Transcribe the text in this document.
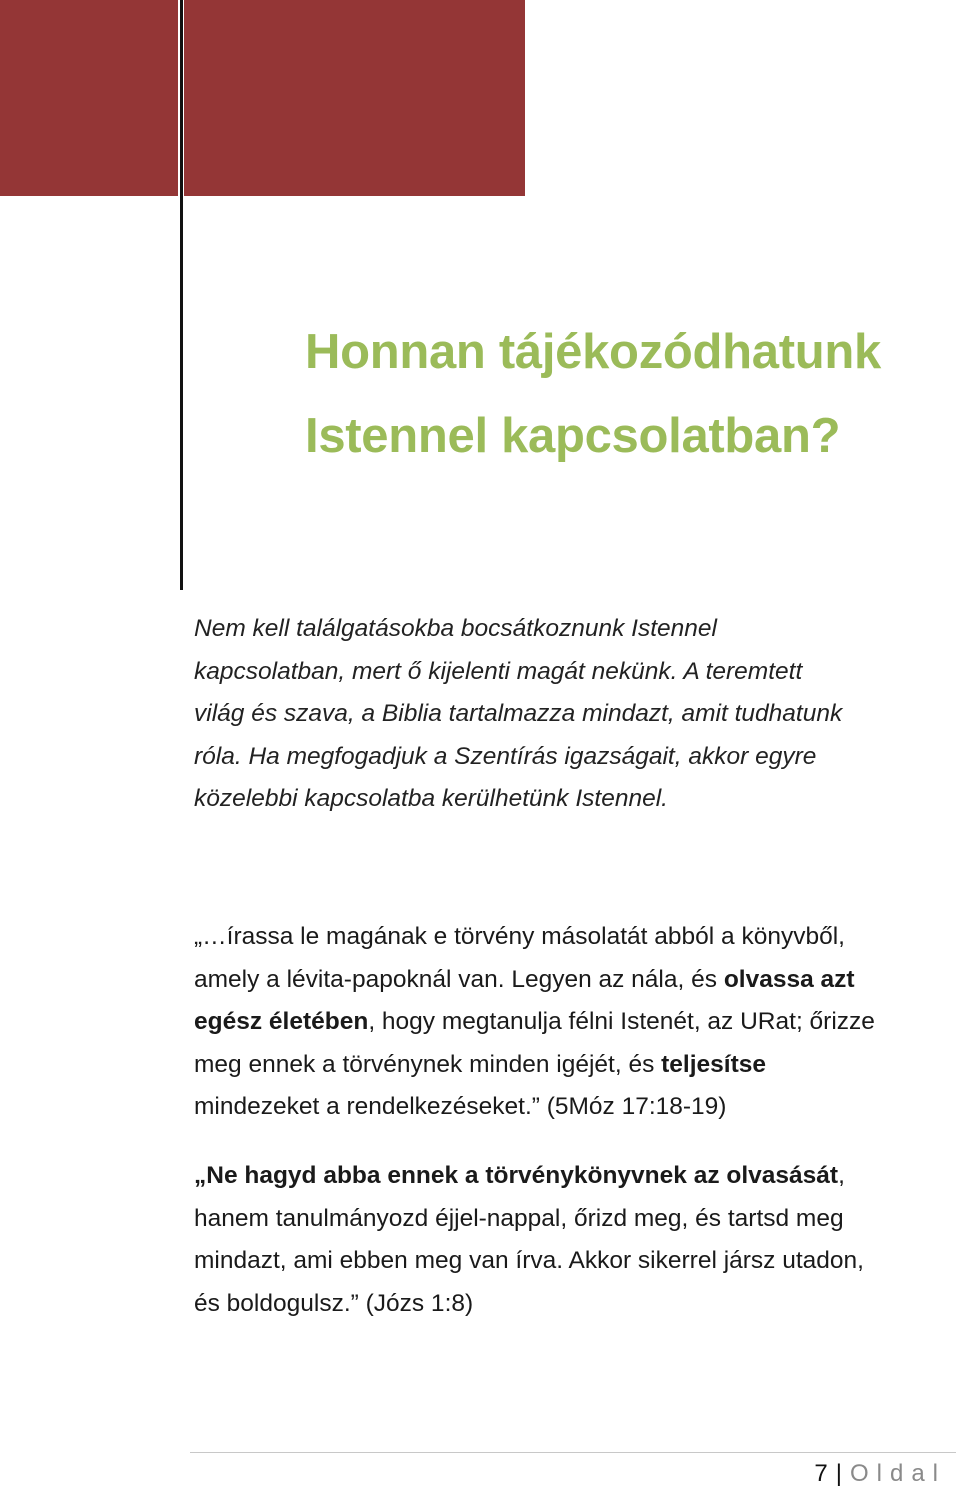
Honnan tájékozódhatunk
Istennel kapcsolatban?

Nem kell találgatásokba bocsátkoznunk Istennel
kapcsolatban, mert ő kijelenti magát nekünk. A teremtett
világ és szava, a Biblia tartalmazza mindazt, amit tudhatunk
róla. Ha megfogadjuk a Szentírás igazságait, akkor egyre
közelebbi kapcsolatba kerülhetünk Istennel.

„…írassa le magának e törvény másolatát abból a könyvből,
amely a lévita-papoknál van. Legyen az nála, és olvassa azt
egész életében, hogy megtanulja félni Istenét, az URat; őrizze
meg ennek a törvénynek minden igéjét, és teljesítse
mindezeket a rendelkezéseket.” (5Móz 17:18-19)

„Ne hagyd abba ennek a törvénykönyvnek az olvasását,
hanem tanulmányozd éjjel-nappal, őrizd meg, és tartsd meg
mindazt, ami ebben meg van írva. Akkor sikerrel jársz utadon,
és boldogulsz.” (Józs 1:8)

7 | Oldal
